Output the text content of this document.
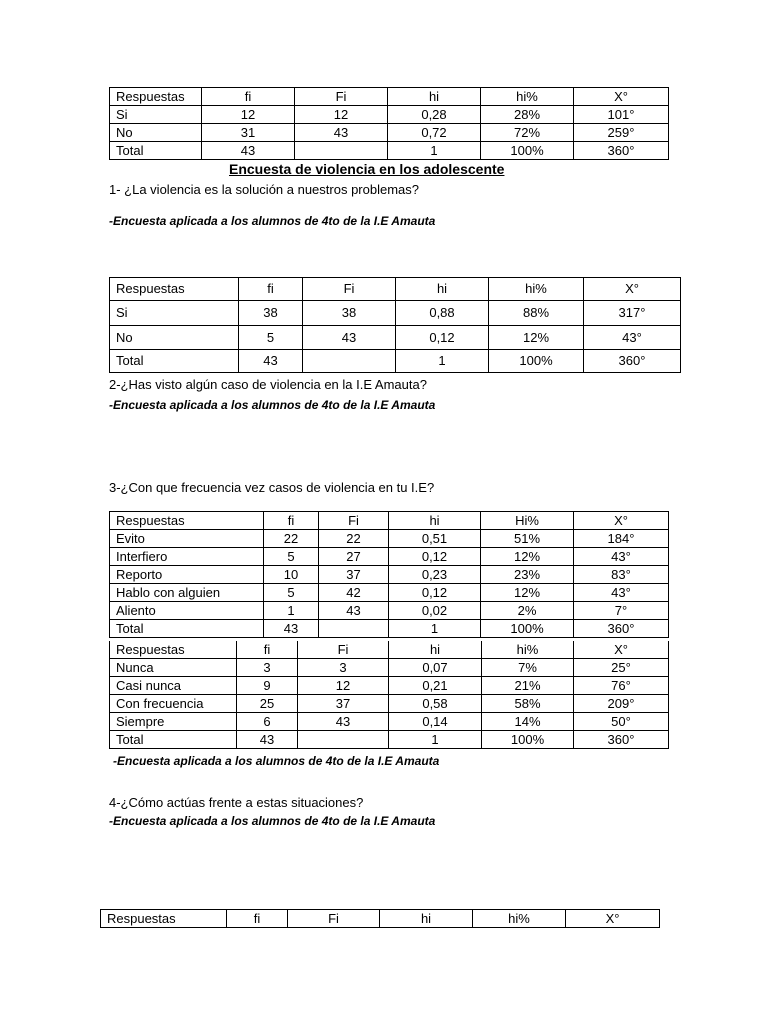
Respuestas	fi	Fi	hi	hi%	X°
Si	12	12	0,28	28%	101°
No	31	43	0,72	72%	259°
Total	43		1	100%	360°
Encuesta de violencia en los adolescente
1- ¿La violencia es la solución a nuestros problemas?
-Encuesta aplicada a los alumnos de 4to de la I.E Amauta
Respuestas	fi	Fi	hi	hi%	X°
Si	38	38	0,88	88%	317°
No	5	43	0,12	12%	43°
Total	43		1	100%	360°
2-¿Has visto algún caso de violencia en la I.E Amauta?
-Encuesta aplicada a los alumnos de 4to de la I.E Amauta
3-¿Con que frecuencia vez casos de violencia en tu I.E?
Respuestas	fi	Fi	hi	Hi%	X°
Evito	22	22	0,51	51%	184°
Interfiero	5	27	0,12	12%	43°
Reporto	10	37	0,23	23%	83°
Hablo con alguien	5	42	0,12	12%	43°
Aliento	1	43	0,02	2%	7°
Total	43		1	100%	360°
Respuestas	fi	Fi	hi	hi%	X°
Nunca	3	3	0,07	7%	25°
Casi nunca	9	12	0,21	21%	76°
Con frecuencia	25	37	0,58	58%	209°
Siempre	6	43	0,14	14%	50°
Total	43		1	100%	360°
-Encuesta aplicada a los alumnos de 4to de la I.E Amauta
4-¿Cómo actúas frente a estas situaciones?
-Encuesta aplicada a los alumnos de 4to de la I.E Amauta
Respuestas	fi	Fi	hi	hi%	X°
